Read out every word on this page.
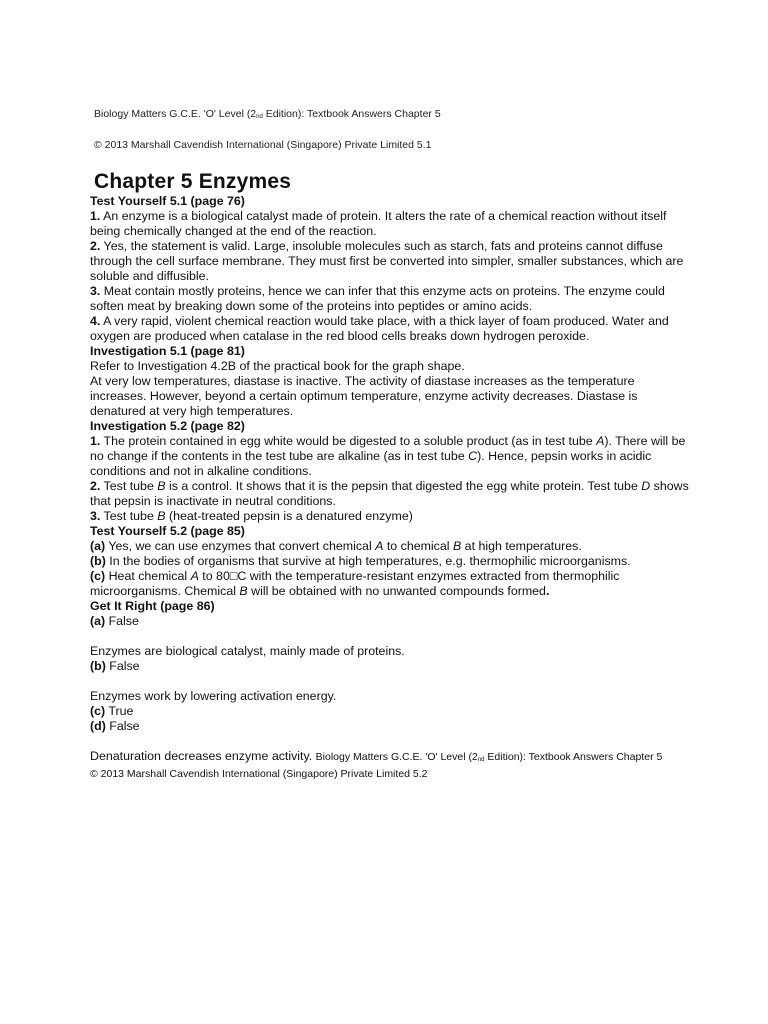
Biology Matters G.C.E. 'O' Level ($2_{nd}$ Edition): Textbook Answers Chapter 5
© 2013 Marshall Cavendish International (Singapore) Private Limited 5.1
Chapter 5 Enzymes

Test Yourself 5.1 (page 76)

1. An enzyme is a biological catalyst made of protein. It alters the rate of a chemical reaction without itself being chemically changed at the end of the reaction.

2. Yes, the statement is valid. Large, insoluble molecules such as starch, fats and proteins cannot diffuse through the cell surface membrane. They must first be converted into simpler, smaller substances, which are soluble and diffusible.

3. Meat contain mostly proteins, hence we can infer that this enzyme acts on proteins. The enzyme could soften meat by breaking down some of the proteins into peptides or amino acids.

4. A very rapid, violent chemical reaction would take place, with a thick layer of foam produced. Water and oxygen are produced when catalase in the red blood cells breaks down hydrogen peroxide.

Investigation 5.1 (page 81)

Refer to Investigation 4.2B of the practical book for the graph shape.

At very low temperatures, diastase is inactive. The activity of diastase increases as the temperature increases. However, beyond a certain optimum temperature, enzyme activity decreases. Diastase is denatured at very high temperatures.

Investigation 5.2 (page 82)

1. The protein contained in egg white would be digested to a soluble product (as in test tube A). There will be no change if the contents in the test tube are alkaline (as in test tube C). Hence, pepsin works in acidic conditions and not in alkaline conditions.

2. Test tube B is a control. It shows that it is the pepsin that digested the egg white protein. Test tube D shows that pepsin is inactivate in neutral conditions.

3. Test tube B (heat-treated pepsin is a denatured enzyme)

Test Yourself 5.2 (page 85)

(a) Yes, we can use enzymes that convert chemical A to chemical B at high temperatures.

(b) In the bodies of organisms that survive at high temperatures, e.g. thermophilic microorganisms.

(c) Heat chemical A to 80□C with the temperature-resistant enzymes extracted from thermophilic microorganisms. Chemical B will be obtained with no unwanted compounds formed.

Get It Right (page 86)

(a) False

Enzymes are biological catalyst, mainly made of proteins.

(b) False

Enzymes work by lowering activation energy.

(c) True

(d) False

Denaturation decreases enzyme activity. Biology Matters G.C.E. 'O' Level ($2_{nd}$ Edition): Textbook Answers Chapter 5

© 2013 Marshall Cavendish International (Singapore) Private Limited 5.2
